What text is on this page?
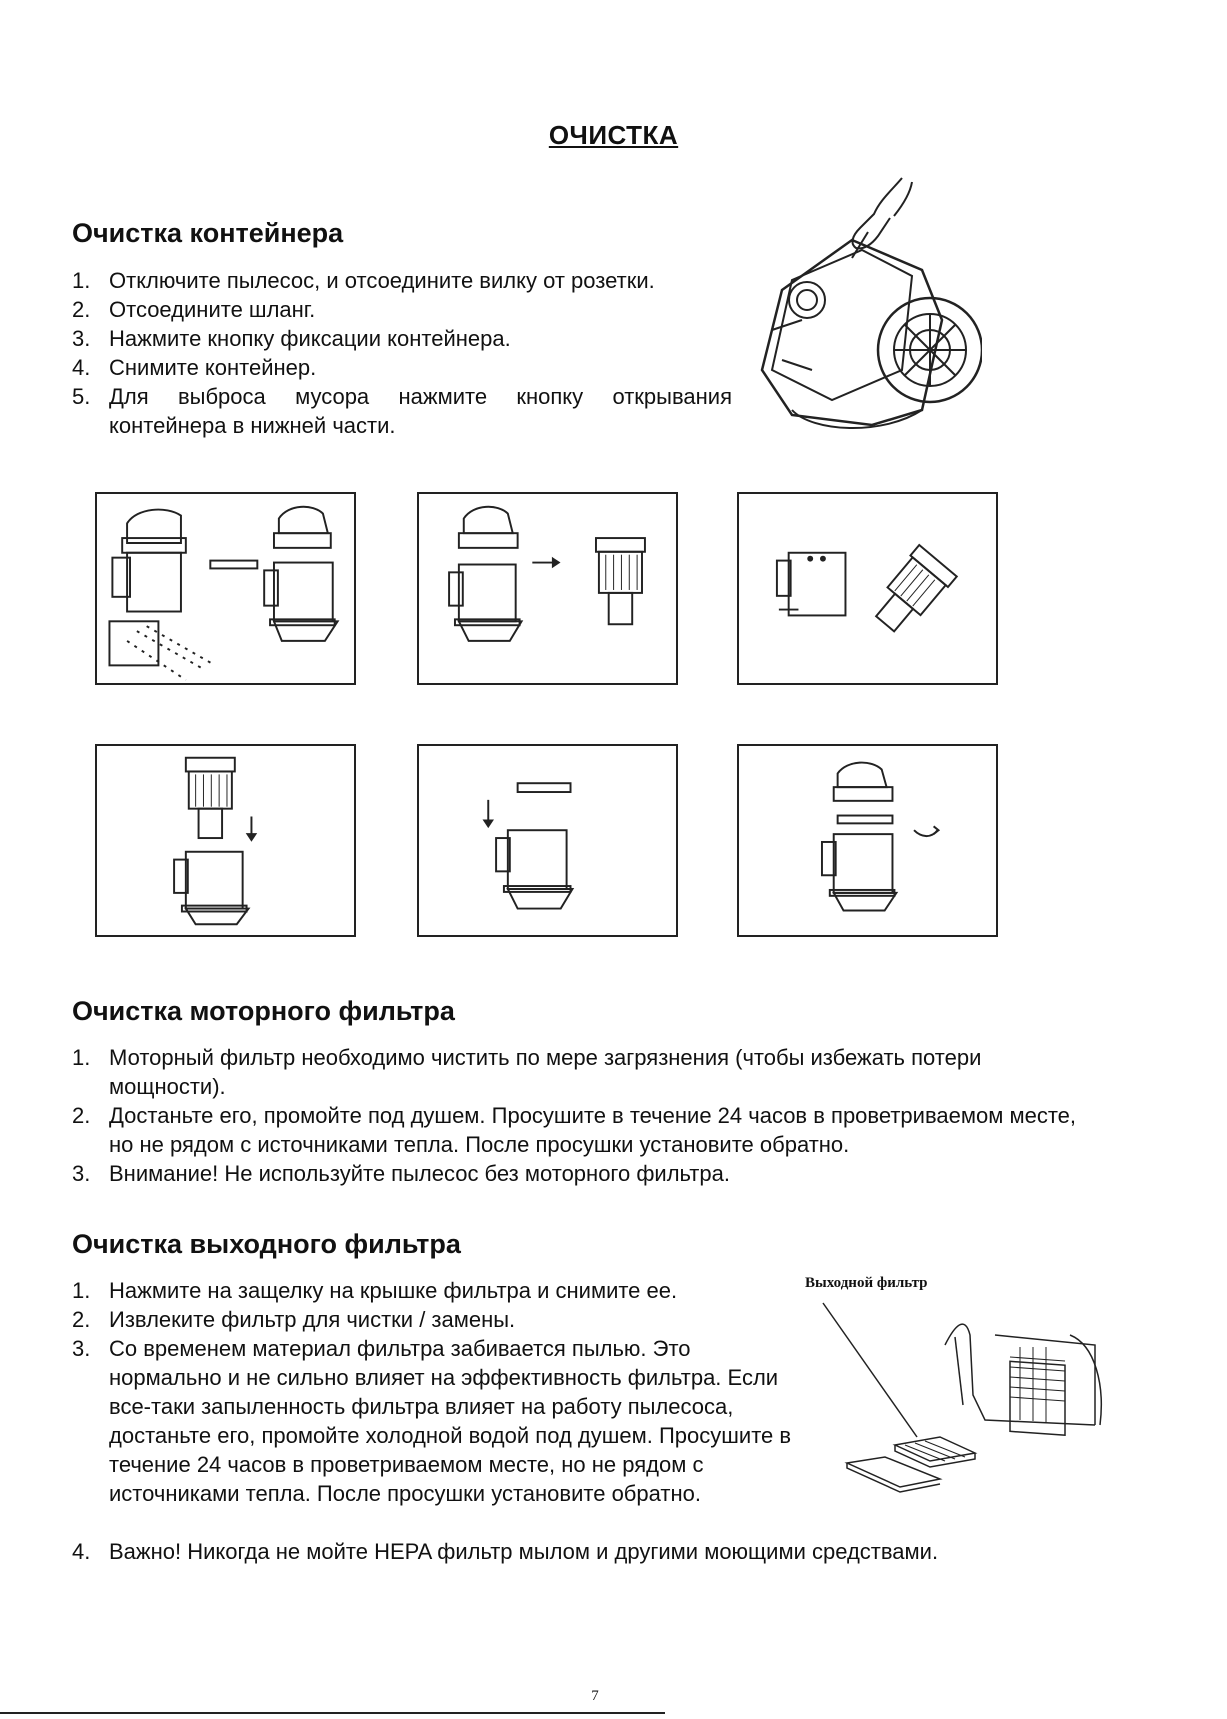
ОЧИСТКА
Очистка контейнера
1. Отключите пылесос, и отсоедините вилку от розетки.
2. Отсоедините шланг.
3. Нажмите кнопку фиксации контейнера.
4. Снимите контейнер.
5. Для выброса мусора нажмите кнопку открывания
контейнера в нижней части.
Очистка моторного фильтра
1. Моторный фильтр необходимо чистить по мере загрязнения (чтобы избежать потери мощности).
2. Достаньте его, промойте под душем. Просушите в течение 24 часов в проветриваемом месте, но не рядом с источниками тепла. После просушки установите обратно.
3. Внимание! Не используйте пылесос без моторного фильтра.
Очистка выходного фильтра
1. Нажмите на защелку на крышке фильтра и снимите ее.
2. Извлеките фильтр для чистки / замены.
3. Со временем материал фильтра забивается пылью. Это нормально и не сильно влияет на эффективность фильтра. Если все-таки запыленность фильтра влияет на работу пылесоса, достаньте его, промойте холодной водой под душем. Просушите в течение 24 часов в проветриваемом месте, но не рядом с источниками тепла. После просушки установите обратно.
4. Важно! Никогда не мойте HEPA фильтр мылом и другими моющими средствами.
Выходной фильтр
7
